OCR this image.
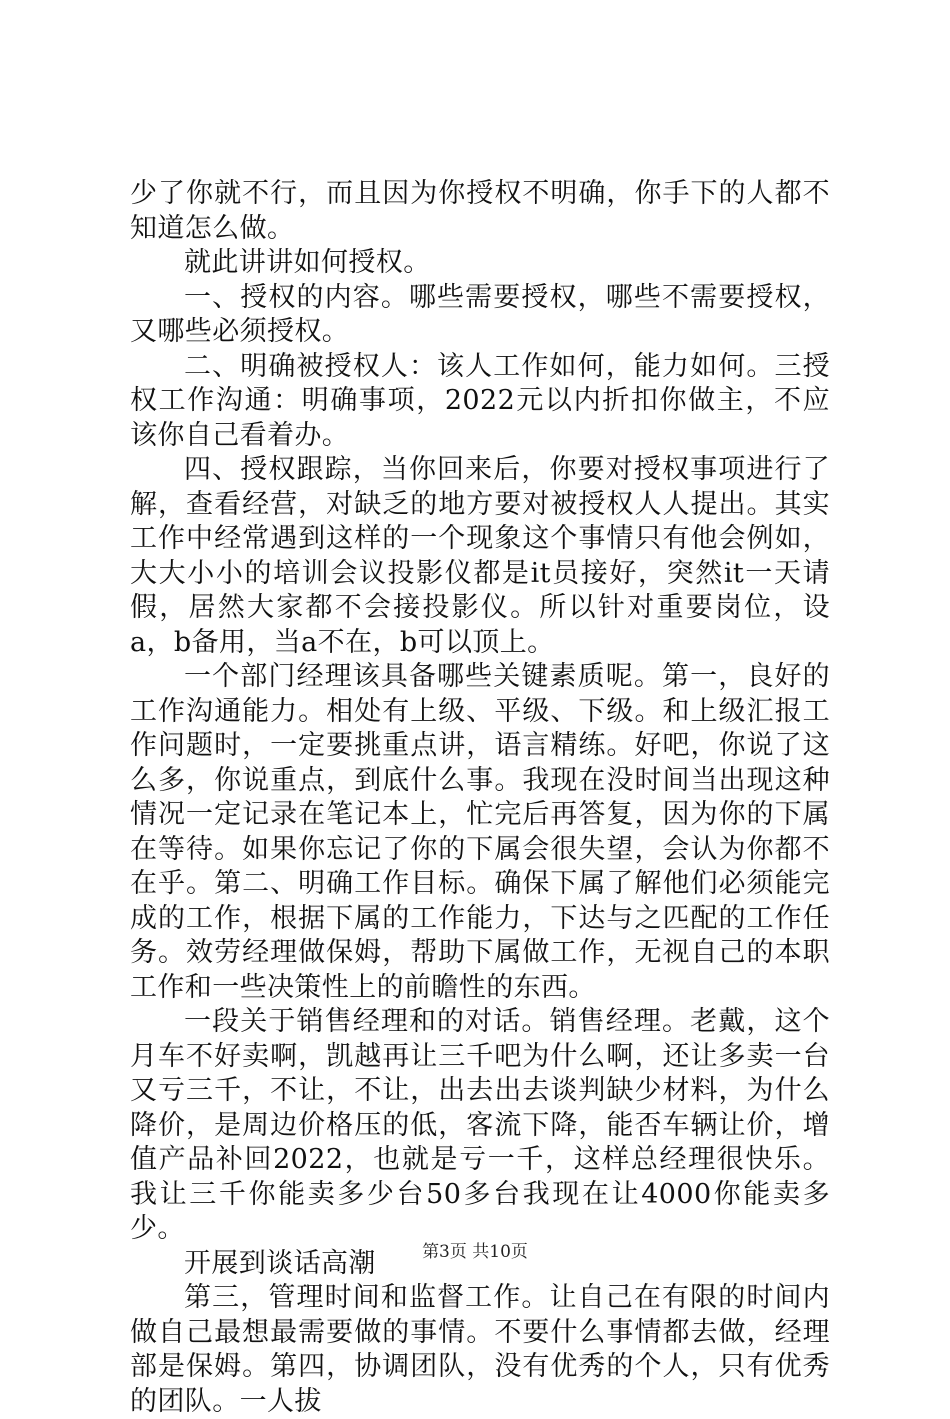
少了你就不行，而且因为你授权不明确，你手下的人都不知道怎么做。

就此讲讲如何授权。

一、授权的内容。哪些需要授权，哪些不需要授权，又哪些必须授权。

二、明确被授权人：该人工作如何，能力如何。三授权工作沟通：明确事项，2022元以内折扣你做主，不应该你自己看着办。

四、授权跟踪，当你回来后，你要对授权事项进行了解，查看经营，对缺乏的地方要对被授权人人提出。其实工作中经常遇到这样的一个现象这个事情只有他会例如，大大小小的培训会议投影仪都是it员接好，突然it一天请假，居然大家都不会接投影仪。所以针对重要岗位，设a，b备用，当a不在，b可以顶上。

一个部门经理该具备哪些关键素质呢。第一，良好的工作沟通能力。相处有上级、平级、下级。和上级汇报工作问题时，一定要挑重点讲，语言精练。好吧，你说了这么多，你说重点，到底什么事。我现在没时间当出现这种情况一定记录在笔记本上，忙完后再答复，因为你的下属在等待。如果你忘记了你的下属会很失望，会认为你都不在乎。第二、明确工作目标。确保下属了解他们必须能完成的工作，根据下属的工作能力，下达与之匹配的工作任务。效劳经理做保姆，帮助下属做工作，无视自己的本职工作和一些决策性上的前瞻性的东西。

一段关于销售经理和的对话。销售经理。老戴，这个月车不好卖啊，凯越再让三千吧为什么啊，还让多卖一台又亏三千，不让，不让，出去出去谈判缺少材料，为什么降价，是周边价格压的低，客流下降，能否车辆让价，增值产品补回2022，也就是亏一千，这样总经理很快乐。我让三千你能卖多少台50多台我现在让4000你能卖多少。

开展到谈话高潮

第三，管理时间和监督工作。让自己在有限的时间内做自己最想最需要做的事情。不要什么事情都去做，经理部是保姆。第四，协调团队，没有优秀的个人，只有优秀的团队。一人拔

第3页 共10页
